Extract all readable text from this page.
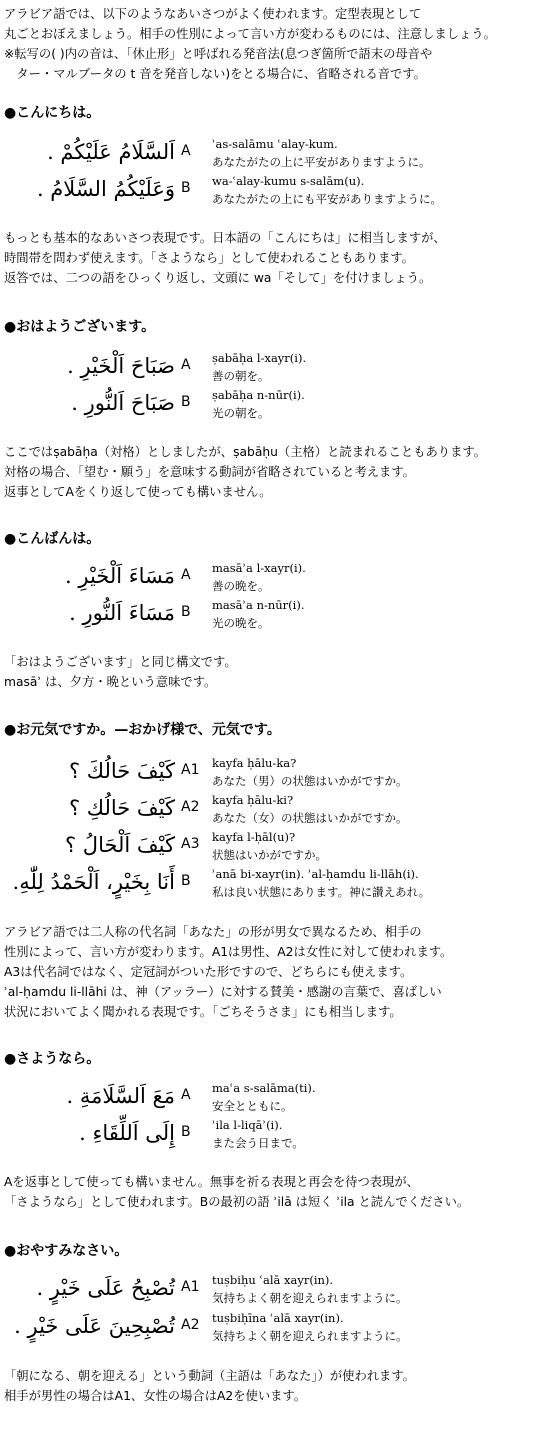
アラビア語では、以下のようなあいさつがよく使われます。定型表現として

丸ごとおぼえましょう。相手の性別によって言い方が変わるものには、注意しましょう。

※転写の( )内の音は、「休止形」と呼ばれる発音法(息つぎ箇所で語末の母音や

　ター・マルブータの t 音を発音しない)をとる場合に、省略される音です。

●こんにちは。
اَلسَّلَامُ عَلَيْكُمْ . A ʾas-salāmu ʿalay-kum.
あなたがたの上に平安がありますように。
وَعَلَيْكُمُ السَّلَامُ . B wa-ʿalay-kumu s-salām(u).
あなたがたの上にも平安がありますように。

もっとも基本的なあいさつ表現です。日本語の「こんにちは」に相当しますが、

時間帯を問わず使えます。「さようなら」として使われることもあります。

返答では、二つの語をひっくり返し、文頭に wa「そして」を付けましょう。

●おはようございます。
صَبَاحَ اَلْخَيْرِ . A ṣabāḥa l-xayr(i).
善の朝を。
صَبَاحَ اَلنُّورِ . B ṣabāḥa n-nūr(i).
光の朝を。

ここではṣabāḥa（対格）としましたが、ṣabāḥu（主格）と読まれることもあります。

対格の場合、「望む・願う」を意味する動詞が省略されていると考えます。

返事としてAをくり返して使っても構いません。

●こんばんは。
مَسَاءَ اَلْخَيْرِ . A masāʾa l-xayr(i).
善の晩を。
مَسَاءَ اَلنُّورِ . B masāʾa n-nūr(i).
光の晩を。

「おはようございます」と同じ構文です。

masāʾ は、夕方・晩という意味です。

●お元気ですか。—おかげ様で、元気です。
كَيْفَ حَالُكَ ؟ A1 kayfa ḥālu-ka?
あなた（男）の状態はいかがですか。
كَيْفَ حَالُكِ ؟ A2 kayfa ḥālu-ki?
あなた（女）の状態はいかがですか。
كَيْفَ اَلْحَالُ ؟ A3 kayfa l-ḥāl(u)?
状態はいかがですか。
أَنَا بِخَيْرٍ، اَلْحَمْدُ لِلّٰهِ. B ʾanā bi-xayr(in). ʾal-ḥamdu li-llāh(i).
私は良い状態にあります。神に讃えあれ。

アラビア語では二人称の代名詞「あなた」の形が男女で異なるため、相手の

性別によって、言い方が変わります。A1は男性、A2は女性に対して使われます。

A3は代名詞ではなく、定冠詞がついた形ですので、どちらにも使えます。

ʾal-ḥamdu li-llāhi は、神（アッラー）に対する賛美・感謝の言葉で、喜ばしい

状況においてよく聞かれる表現です。「ごちそうさま」にも相当します。

●さようなら。
مَعَ اَلسَّلَامَةِ . A maʿa s-salāma(ti).
安全とともに。
إِلَى اَللِّقَاءِ . B ʾila l-liqāʾ(i).
また会う日まで。

Aを返事として使っても構いません。無事を祈る表現と再会を待つ表現が、

「さようなら」として使われます。Bの最初の語 ʾilā は短く ʾila と読んでください。

●おやすみなさい。
تُصْبِحُ عَلَى خَيْرٍ . A1 tuṣbiḥu ʿalā xayr(in).
気持ちよく朝を迎えられますように。
تُصْبِحِينَ عَلَى خَيْرٍ . A2 tuṣbiḥīna ʿalā xayr(in).
気持ちよく朝を迎えられますように。

「朝になる、朝を迎える」という動詞（主語は「あなた」）が使われます。

相手が男性の場合はA1、女性の場合はA2を使います。
